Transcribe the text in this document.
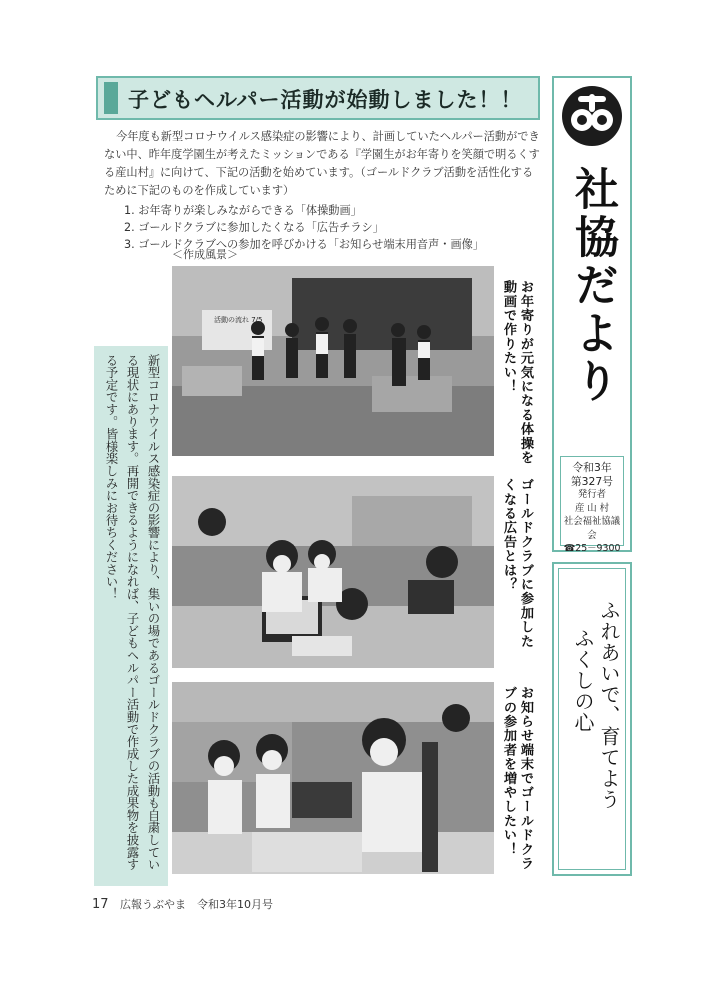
子どもヘルパー活動が始動しました！！

今年度も新型コロナウイルス感染症の影響により、計画していたヘルパー活動ができない中、昨年度学園生が考えたミッションである『学園生がお年寄りを笑顔で明るくする産山村』に向けて、下記の活動を始めています。（ゴールドクラブ活動を活性化するために下記のものを作成しています）

1. お年寄りが楽しみながらできる「体操動画」
2. ゴールドクラブに参加したくなる「広告チラシ」
3. ゴールドクラブへの参加を呼びかける「お知らせ端末用音声・画像」
＜作成風景＞
活動の流れ 7/5	お年寄りが元気になる体操を動画で作りたい！
ゴールドクラブに参加したくなる広告とは？
お知らせ端末でゴールドクラブの参加者を増やしたい！
新型コロナウイルス感染症の影響により、集いの場であるゴールドクラブの活動も自粛している現状にあります。再開できるようになれば、子どもヘルパー活動で作成した成果物を披露する予定です。皆様楽しみにお待ちください！
社協だより
令和3年
第327号
発行者
産 山 村
社会福祉協議会
☎25－9300
ふれあいで、育てよう
ふくしの心
17 広報うぶやま　令和3年10月号
